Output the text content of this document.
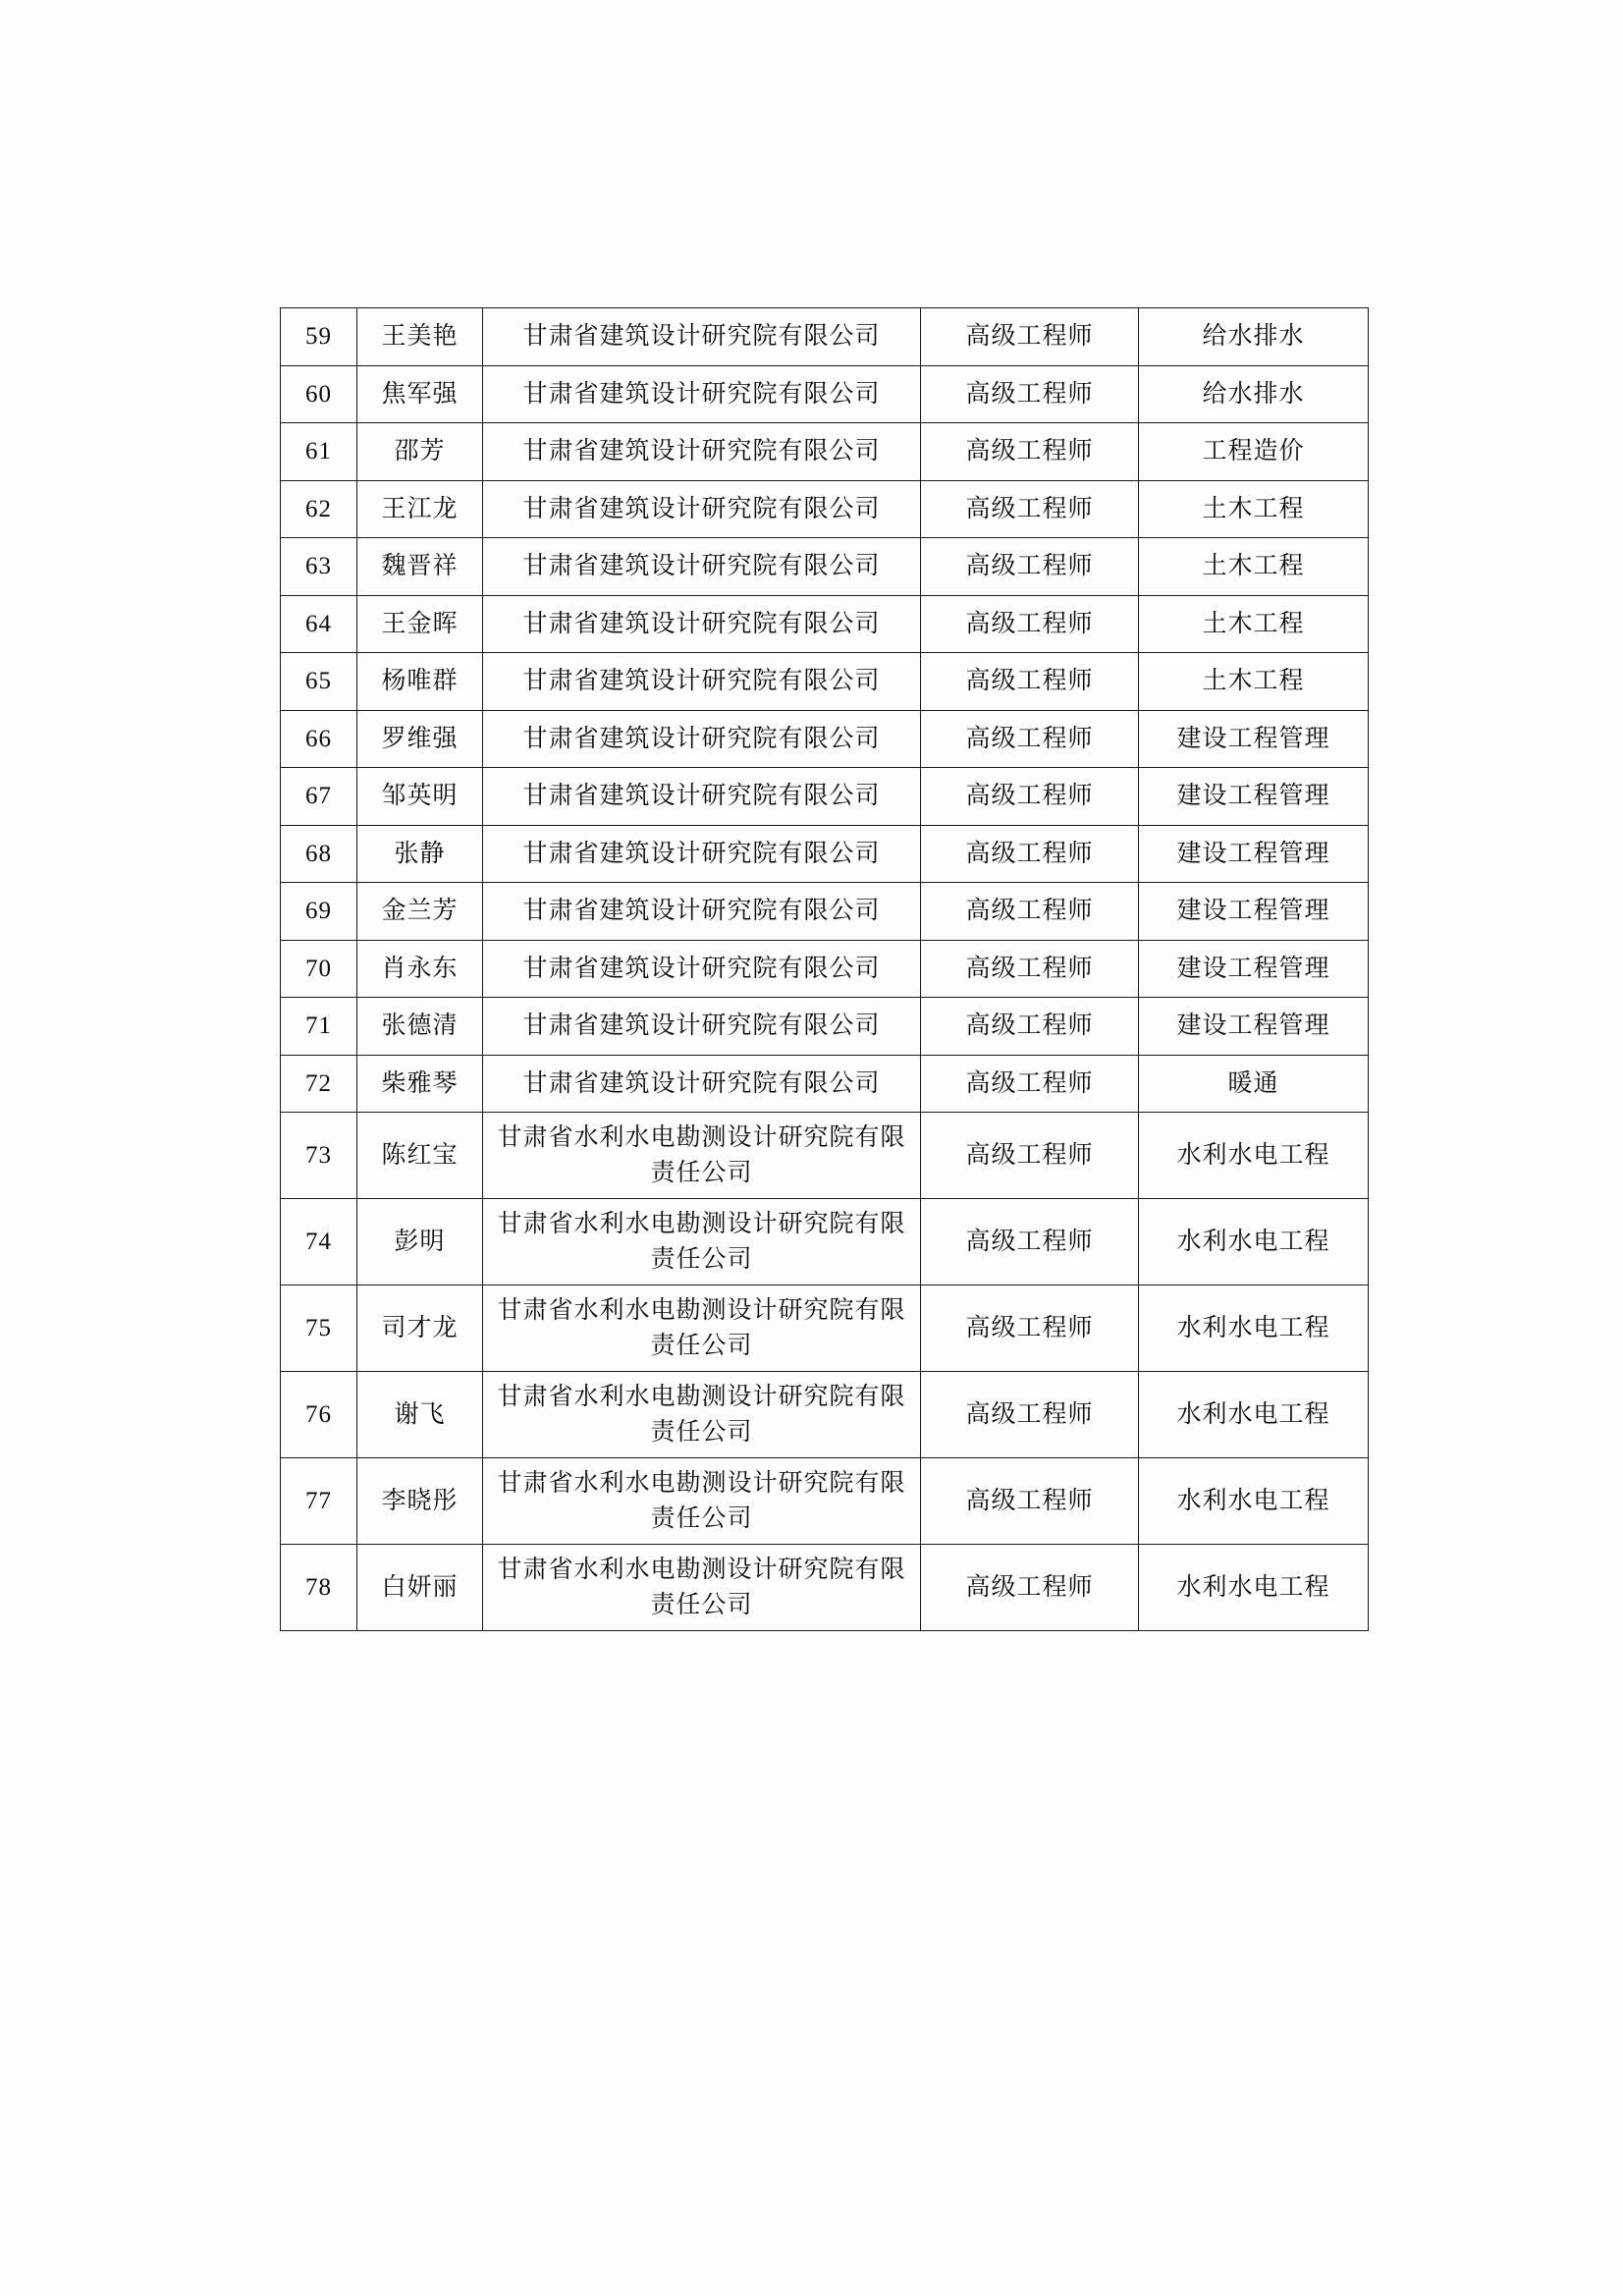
59	王美艳	甘肃省建筑设计研究院有限公司	高级工程师	给水排水
60	焦军强	甘肃省建筑设计研究院有限公司	高级工程师	给水排水
61	邵芳	甘肃省建筑设计研究院有限公司	高级工程师	工程造价
62	王江龙	甘肃省建筑设计研究院有限公司	高级工程师	土木工程
63	魏晋祥	甘肃省建筑设计研究院有限公司	高级工程师	土木工程
64	王金晖	甘肃省建筑设计研究院有限公司	高级工程师	土木工程
65	杨唯群	甘肃省建筑设计研究院有限公司	高级工程师	土木工程
66	罗维强	甘肃省建筑设计研究院有限公司	高级工程师	建设工程管理
67	邹英明	甘肃省建筑设计研究院有限公司	高级工程师	建设工程管理
68	张静	甘肃省建筑设计研究院有限公司	高级工程师	建设工程管理
69	金兰芳	甘肃省建筑设计研究院有限公司	高级工程师	建设工程管理
70	肖永东	甘肃省建筑设计研究院有限公司	高级工程师	建设工程管理
71	张德清	甘肃省建筑设计研究院有限公司	高级工程师	建设工程管理
72	柴雅琴	甘肃省建筑设计研究院有限公司	高级工程师	暖通
73	陈红宝	甘肃省水利水电勘测设计研究院有限责任公司	高级工程师	水利水电工程
74	彭明	甘肃省水利水电勘测设计研究院有限责任公司	高级工程师	水利水电工程
75	司才龙	甘肃省水利水电勘测设计研究院有限责任公司	高级工程师	水利水电工程
76	谢飞	甘肃省水利水电勘测设计研究院有限责任公司	高级工程师	水利水电工程
77	李晓彤	甘肃省水利水电勘测设计研究院有限责任公司	高级工程师	水利水电工程
78	白妍丽	甘肃省水利水电勘测设计研究院有限责任公司	高级工程师	水利水电工程
